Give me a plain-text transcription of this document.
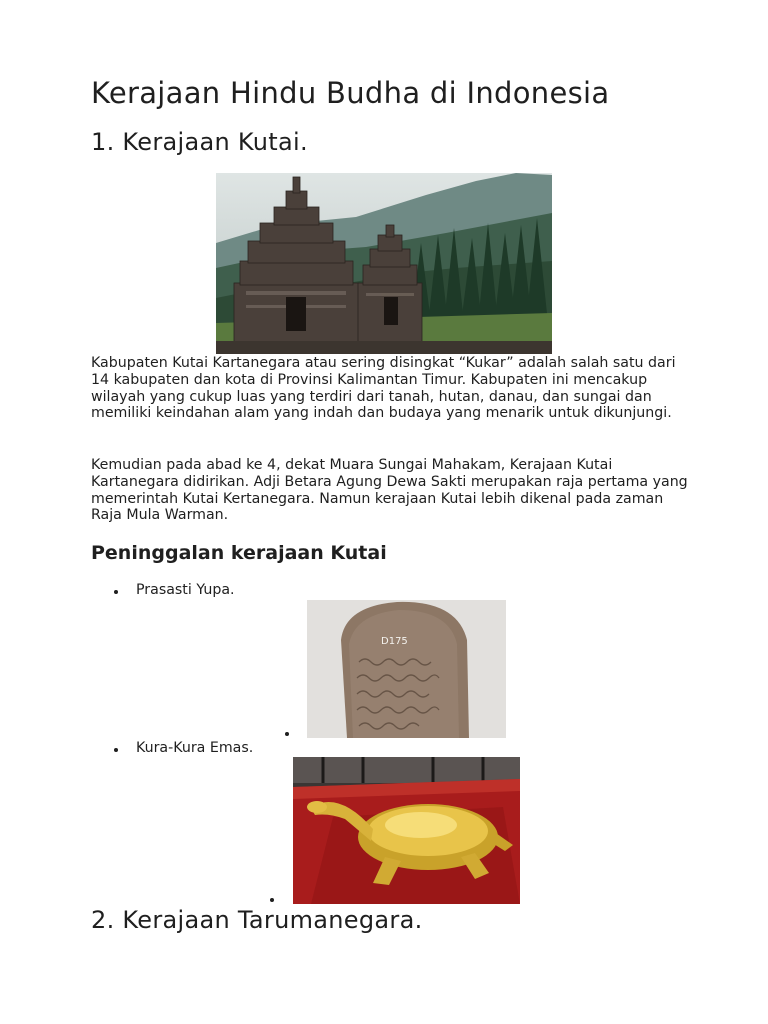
Kerajaan Hindu Budha di Indonesia
1. Kerajaan Kutai.

Kabupaten Kutai Kartanegara atau sering disingkat “Kukar” adalah salah satu dari 14 kabupaten dan kota di Provinsi Kalimantan Timur. Kabupaten ini mencakup wilayah yang cukup luas yang terdiri dari tanah, hutan, danau, dan sungai dan memiliki keindahan alam yang indah dan budaya yang menarik untuk dikunjungi.

Kemudian pada abad ke 4, dekat Muara Sungai Mahakam, Kerajaan Kutai Kartanegara didirikan. Adji Betara Agung Dewa Sakti merupakan raja pertama yang memerintah Kutai Kertanegara. Namun kerajaan Kutai lebih dikenal pada zaman Raja Mula Warman.

Peninggalan kerajaan Kutai

Prasasti Yupa.

D175

Kura-Kura Emas.

2. Kerajaan Tarumanegara.
